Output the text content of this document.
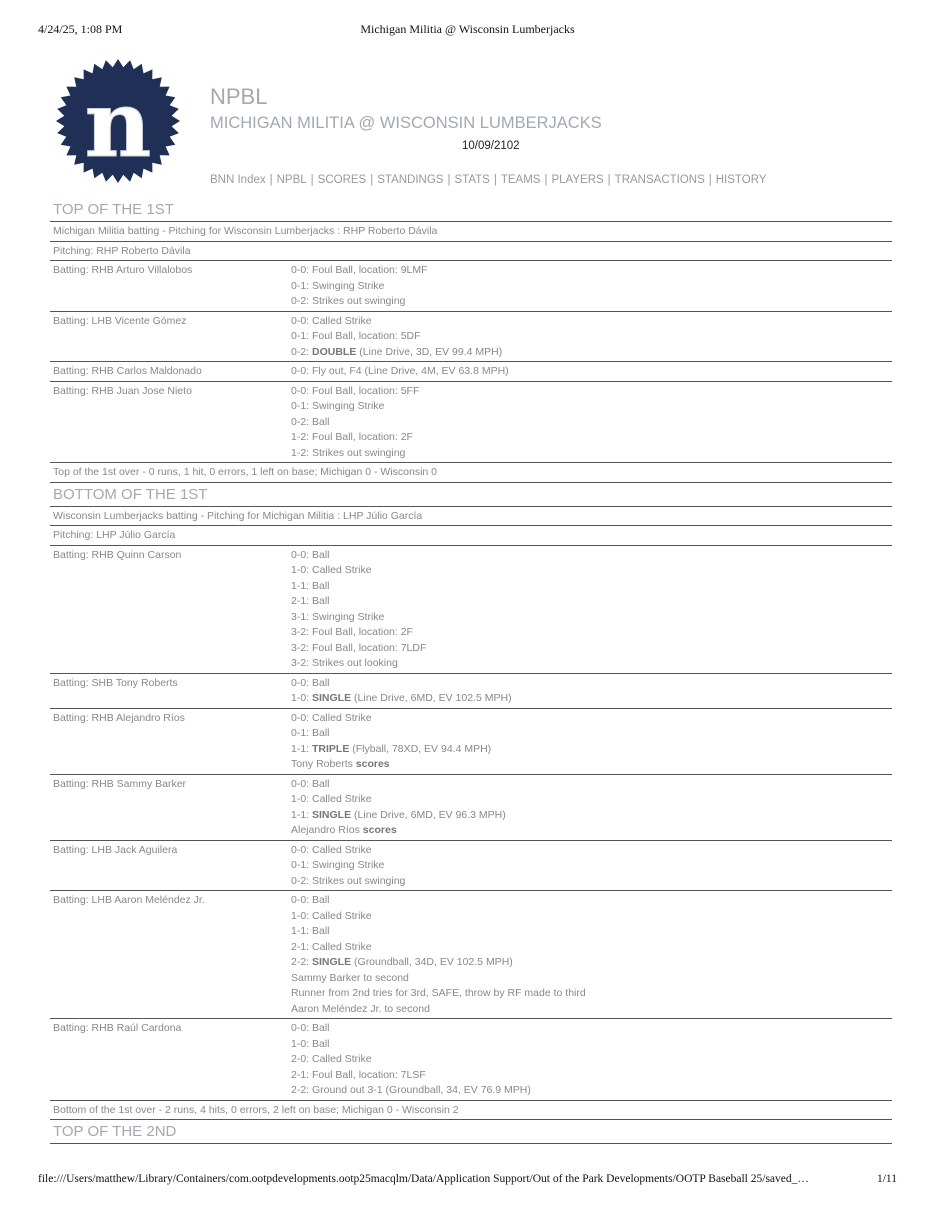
4/24/25, 1:08 PM	Michigan Militia @ Wisconsin Lumberjacks
n	NPBL
MICHIGAN MILITIA @ WISCONSIN LUMBERJACKS
10/09/2102
BNN Index | NPBL | SCORES | STANDINGS | STATS | TEAMS | PLAYERS | TRANSACTIONS | HISTORY
TOP OF THE 1ST
Michigan Militia batting - Pitching for Wisconsin Lumberjacks : RHP Roberto Dávila
Pitching: RHP Roberto Dávila
Batting: RHB Arturo Villalobos	0-0: Foul Ball, location: 9LMF
0-1: Swinging Strike
0-2: Strikes out swinging
Batting: LHB Vicente Gómez	0-0: Called Strike
0-1: Foul Ball, location: 5DF
0-2: DOUBLE (Line Drive, 3D, EV 99.4 MPH)
Batting: RHB Carlos Maldonado	0-0: Fly out, F4 (Line Drive, 4M, EV 63.8 MPH)
Batting: RHB Juan Jose Nieto	0-0: Foul Ball, location: 5FF
0-1: Swinging Strike
0-2: Ball
1-2: Foul Ball, location: 2F
1-2: Strikes out swinging
Top of the 1st over - 0 runs, 1 hit, 0 errors, 1 left on base; Michigan 0 - Wisconsin 0
BOTTOM OF THE 1ST
Wisconsin Lumberjacks batting - Pitching for Michigan Militia : LHP Júlio García
Pitching: LHP Júlio García
Batting: RHB Quinn Carson	0-0: Ball
1-0: Called Strike
1-1: Ball
2-1: Ball
3-1: Swinging Strike
3-2: Foul Ball, location: 2F
3-2: Foul Ball, location: 7LDF
3-2: Strikes out looking
Batting: SHB Tony Roberts	0-0: Ball
1-0: SINGLE (Line Drive, 6MD, EV 102.5 MPH)
Batting: RHB Alejandro Ríos	0-0: Called Strike
0-1: Ball
1-1: TRIPLE (Flyball, 78XD, EV 94.4 MPH)
Tony Roberts scores
Batting: RHB Sammy Barker	0-0: Ball
1-0: Called Strike
1-1: SINGLE (Line Drive, 6MD, EV 96.3 MPH)
Alejandro Ríos scores
Batting: LHB Jack Aguilera	0-0: Called Strike
0-1: Swinging Strike
0-2: Strikes out swinging
Batting: LHB Aaron Meléndez Jr.	0-0: Ball
1-0: Called Strike
1-1: Ball
2-1: Called Strike
2-2: SINGLE (Groundball, 34D, EV 102.5 MPH)
Sammy Barker to second
Runner from 2nd tries for 3rd, SAFE, throw by RF made to third
Aaron Meléndez Jr. to second
Batting: RHB Raúl Cardona	0-0: Ball
1-0: Ball
2-0: Called Strike
2-1: Foul Ball, location: 7LSF
2-2: Ground out 3-1 (Groundball, 34, EV 76.9 MPH)
Bottom of the 1st over - 2 runs, 4 hits, 0 errors, 2 left on base; Michigan 0 - Wisconsin 2
TOP OF THE 2ND
file:///Users/matthew/Library/Containers/com.ootpdevelopments.ootp25macqlm/Data/Application Support/Out of the Park Developments/OOTP Baseball 25/saved_…	1/11
